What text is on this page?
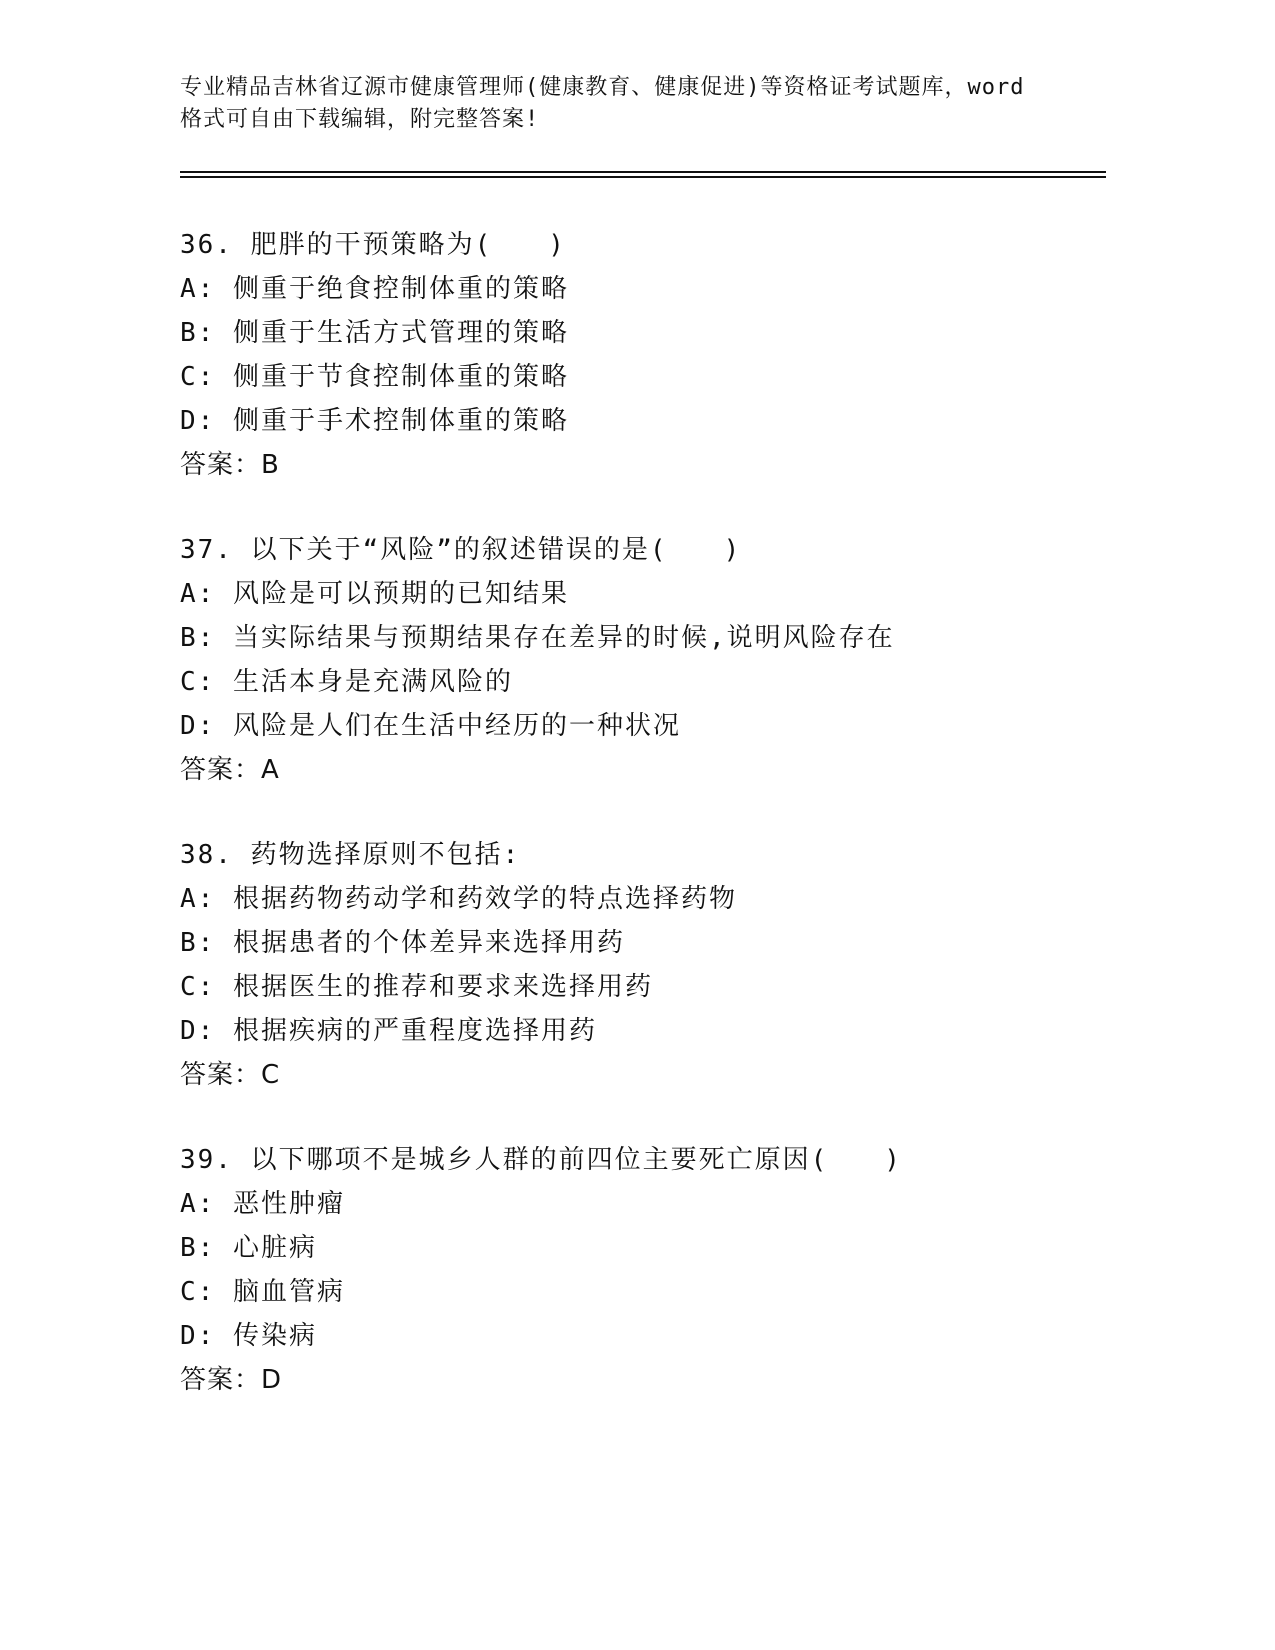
专业精品吉林省辽源市健康管理师(健康教育、健康促进)等资格证考试题库，word
格式可自由下载编辑，附完整答案!
36. 肥胖的干预策略为(　　)
A: 侧重于绝食控制体重的策略
B: 侧重于生活方式管理的策略
C: 侧重于节食控制体重的策略
D: 侧重于手术控制体重的策略
答案：B
37. 以下关于“风险”的叙述错误的是(　　)
A: 风险是可以预期的已知结果
B: 当实际结果与预期结果存在差异的时候,说明风险存在
C: 生活本身是充满风险的
D: 风险是人们在生活中经历的一种状况
答案：A
38. 药物选择原则不包括:
A: 根据药物药动学和药效学的特点选择药物
B: 根据患者的个体差异来选择用药
C: 根据医生的推荐和要求来选择用药
D: 根据疾病的严重程度选择用药
答案：C
39. 以下哪项不是城乡人群的前四位主要死亡原因(　　)
A: 恶性肿瘤
B: 心脏病
C: 脑血管病
D: 传染病
答案：D
